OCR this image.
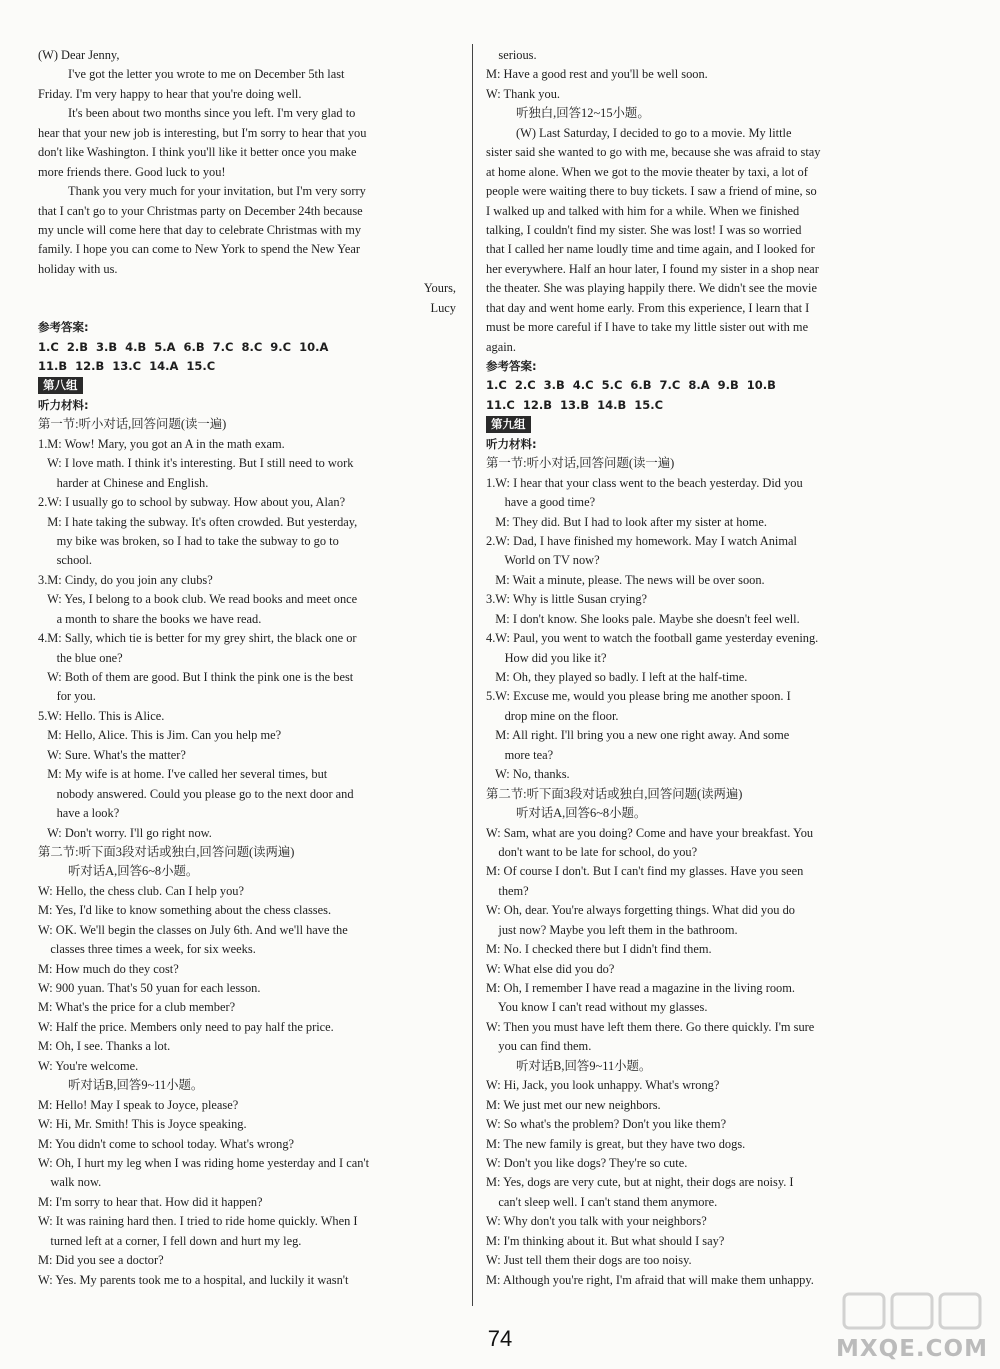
(W) Dear Jenny,
I've got the letter you wrote to me on December 5th last
Friday. I'm very happy to hear that you're doing well.
It's been about two months since you left. I'm very glad to
hear that your new job is interesting, but I'm sorry to hear that you
don't like Washington. I think you'll like it better once you make
more friends there. Good luck to you!
Thank you very much for your invitation, but I'm very sorry
that I can't go to your Christmas party on December 24th because
my uncle will come here that day to celebrate Christmas with my
family. I hope you can come to New York to spend the New Year
holiday with us.
Yours,
Lucy
参考答案:
1.C  2.B  3.B  4.B  5.A  6.B  7.C  8.C  9.C  10.A
11.B  12.B  13.C  14.A  15.C
第八组
听力材料:
第一节:听小对话,回答问题(读一遍)
1.M: Wow! Mary, you got an A in the math exam.
W: I love math. I think it's interesting. But I still need to work
harder at Chinese and English.
2.W: I usually go to school by subway. How about you, Alan?
M: I hate taking the subway. It's often crowded. But yesterday,
my bike was broken, so I had to take the subway to go to
school.
3.M: Cindy, do you join any clubs?
W: Yes, I belong to a book club. We read books and meet once
a month to share the books we have read.
4.M: Sally, which tie is better for my grey shirt, the black one or
the blue one?
W: Both of them are good. But I think the pink one is the best
for you.
5.W: Hello. This is Alice.
M: Hello, Alice. This is Jim. Can you help me?
W: Sure. What's the matter?
M: My wife is at home. I've called her several times, but
nobody answered. Could you please go to the next door and
have a look?
W: Don't worry. I'll go right now.
第二节:听下面3段对话或独白,回答问题(读两遍)
听对话A,回答6~8小题。
W: Hello, the chess club. Can I help you?
M: Yes, I'd like to know something about the chess classes.
W: OK. We'll begin the classes on July 6th. And we'll have the
classes three times a week, for six weeks.
M: How much do they cost?
W: 900 yuan. That's 50 yuan for each lesson.
M: What's the price for a club member?
W: Half the price. Members only need to pay half the price.
M: Oh, I see. Thanks a lot.
W: You're welcome.
听对话B,回答9~11小题。
M: Hello! May I speak to Joyce, please?
W: Hi, Mr. Smith! This is Joyce speaking.
M: You didn't come to school today. What's wrong?
W: Oh, I hurt my leg when I was riding home yesterday and I can't
walk now.
M: I'm sorry to hear that. How did it happen?
W: It was raining hard then. I tried to ride home quickly. When I
turned left at a corner, I fell down and hurt my leg.
M: Did you see a doctor?
W: Yes. My parents took me to a hospital, and luckily it wasn't
serious.
M: Have a good rest and you'll be well soon.
W: Thank you.
听独白,回答12~15小题。
(W) Last Saturday, I decided to go to a movie. My little
sister said she wanted to go with me, because she was afraid to stay
at home alone. When we got to the movie theater by taxi, a lot of
people were waiting there to buy tickets. I saw a friend of mine, so
I walked up and talked with him for a while. When we finished
talking, I couldn't find my sister. She was lost! I was so worried
that I called her name loudly time and time again, and I looked for
her everywhere. Half an hour later, I found my sister in a shop near
the theater. She was playing happily there. We didn't see the movie
that day and went home early. From this experience, I learn that I
must be more careful if I have to take my little sister out with me
again.
参考答案:
1.C  2.C  3.B  4.C  5.C  6.B  7.C  8.A  9.B  10.B
11.C  12.B  13.B  14.B  15.C
第九组
听力材料:
第一节:听小对话,回答问题(读一遍)
1.W: I hear that your class went to the beach yesterday. Did you
have a good time?
M: They did. But I had to look after my sister at home.
2.W: Dad, I have finished my homework. May I watch Animal
World on TV now?
M: Wait a minute, please. The news will be over soon.
3.W: Why is little Susan crying?
M: I don't know. She looks pale. Maybe she doesn't feel well.
4.W: Paul, you went to watch the football game yesterday evening.
How did you like it?
M: Oh, they played so badly. I left at the half-time.
5.W: Excuse me, would you please bring me another spoon. I
drop mine on the floor.
M: All right. I'll bring you a new one right away. And some
more tea?
W: No, thanks.
第二节:听下面3段对话或独白,回答问题(读两遍)
听对话A,回答6~8小题。
W: Sam, what are you doing? Come and have your breakfast. You
don't want to be late for school, do you?
M: Of course I don't. But I can't find my glasses. Have you seen
them?
W: Oh, dear. You're always forgetting things. What did you do
just now? Maybe you left them in the bathroom.
M: No. I checked there but I didn't find them.
W: What else did you do?
M: Oh, I remember I have read a magazine in the living room.
You know I can't read without my glasses.
W: Then you must have left them there. Go there quickly. I'm sure
you can find them.
听对话B,回答9~11小题。
W: Hi, Jack, you look unhappy. What's wrong?
M: We just met our new neighbors.
W: So what's the problem? Don't you like them?
M: The new family is great, but they have two dogs.
W: Don't you like dogs? They're so cute.
M: Yes, dogs are very cute, but at night, their dogs are noisy. I
can't sleep well. I can't stand them anymore.
W: Why don't you talk with your neighbors?
M: I'm thinking about it. But what should I say?
W: Just tell them their dogs are too noisy.
M: Although you're right, I'm afraid that will make them unhappy.
74	MXQE.COM
